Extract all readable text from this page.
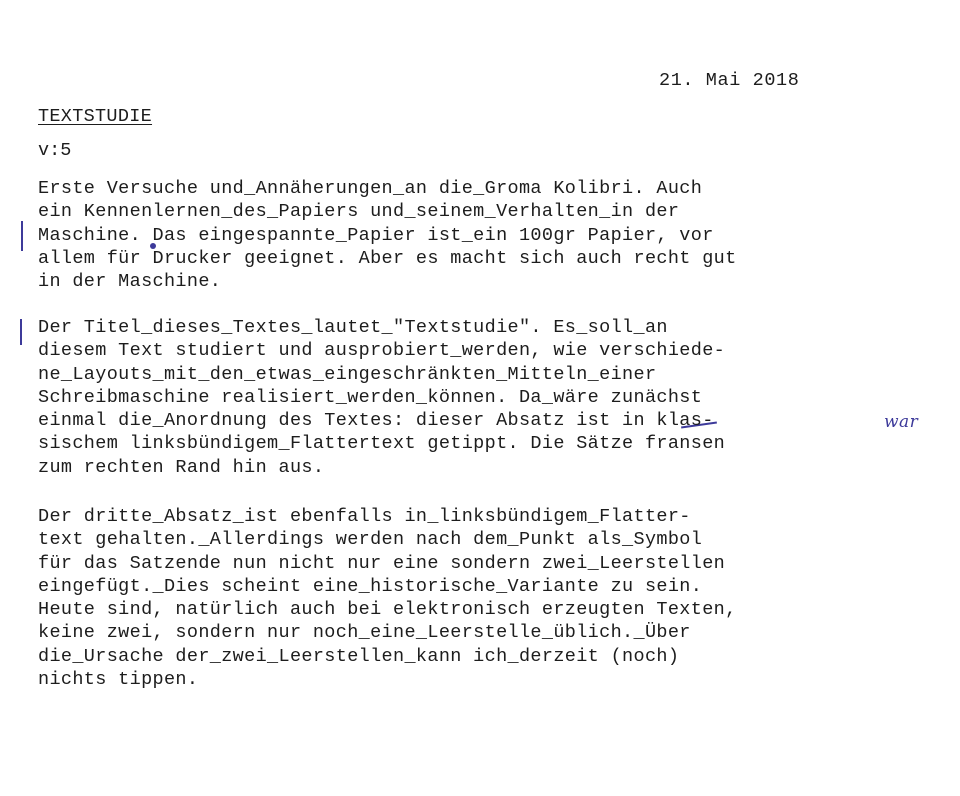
21. Mai 2018
TEXTSTUDIE
v:5
war
Erste Versuche und_Annäherungen_an die_Groma Kolibri. Auch
ein Kennenlernen_des_Papiers und_seinem_Verhalten_in der
Maschine. Das eingespannte_Papier ist_ein 100gr Papier, vor
allem für Drucker geeignet. Aber es macht sich auch recht gut
in der Maschine.
Der Titel_dieses_Textes_lautet_"Textstudie". Es_soll_an
diesem Text studiert und ausprobiert_werden, wie verschiede-
ne_Layouts_mit_den_etwas_eingeschränkten_Mitteln_einer
Schreibmaschine realisiert_werden_können. Da_wäre zunächst
einmal die_Anordnung des Textes: dieser Absatz ist in klas-
sischem linksbündigem_Flattertext getippt. Die Sätze fransen
zum rechten Rand hin aus.
Der dritte_Absatz_ist ebenfalls in_linksbündigem_Flatter-
text gehalten._Allerdings werden nach dem_Punkt als_Symbol
für das Satzende nun nicht nur eine sondern zwei_Leerstellen
eingefügt._Dies scheint eine_historische_Variante zu sein.
Heute sind, natürlich auch bei elektronisch erzeugten Texten,
keine zwei, sondern nur noch_eine_Leerstelle_üblich._Über
die_Ursache der_zwei_Leerstellen_kann ich_derzeit (noch)
nichts tippen.
